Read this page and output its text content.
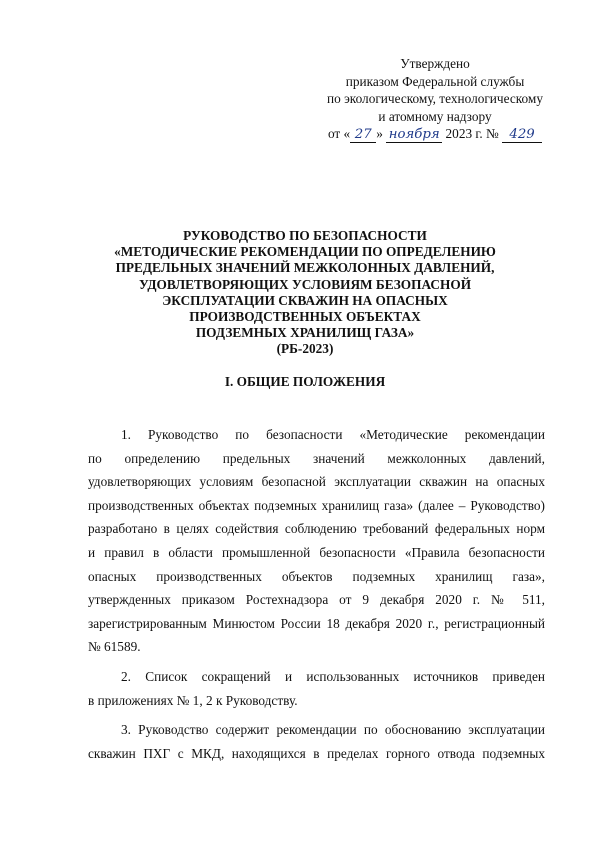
Утверждено
приказом Федеральной службы
по экологическому, технологическому
и атомному надзору
от « 27 » ноября 2023 г. № 429
РУКОВОДСТВО ПО БЕЗОПАСНОСТИ
«МЕТОДИЧЕСКИЕ РЕКОМЕНДАЦИИ ПО ОПРЕДЕЛЕНИЮ
ПРЕДЕЛЬНЫХ ЗНАЧЕНИЙ МЕЖКОЛОННЫХ ДАВЛЕНИЙ,
УДОВЛЕТВОРЯЮЩИХ УСЛОВИЯМ БЕЗОПАСНОЙ
ЭКСПЛУАТАЦИИ СКВАЖИН НА ОПАСНЫХ
ПРОИЗВОДСТВЕННЫХ ОБЪЕКТАХ
ПОДЗЕМНЫХ ХРАНИЛИЩ ГАЗА»
(РБ-2023)
I. ОБЩИЕ ПОЛОЖЕНИЯ
1. Руководство по безопасности «Методические рекомендации
по определению предельных значений межколонных давлений,
удовлетворяющих условиям безопасной эксплуатации скважин на опасных
производственных объектах подземных хранилищ газа» (далее – Руководство)
разработано в целях содействия соблюдению требований федеральных норм
и правил в области промышленной безопасности «Правила безопасности
опасных производственных объектов подземных хранилищ газа»,
утвержденных приказом Ростехнадзора от 9 декабря 2020 г. № 511,
зарегистрированным Минюстом России 18 декабря 2020 г., регистрационный
№ 61589.
2. Список сокращений и использованных источников приведен
в приложениях № 1, 2 к Руководству.
3. Руководство содержит рекомендации по обоснованию эксплуатации
скважин ПХГ с МКД, находящихся в пределах горного отвода подземных
